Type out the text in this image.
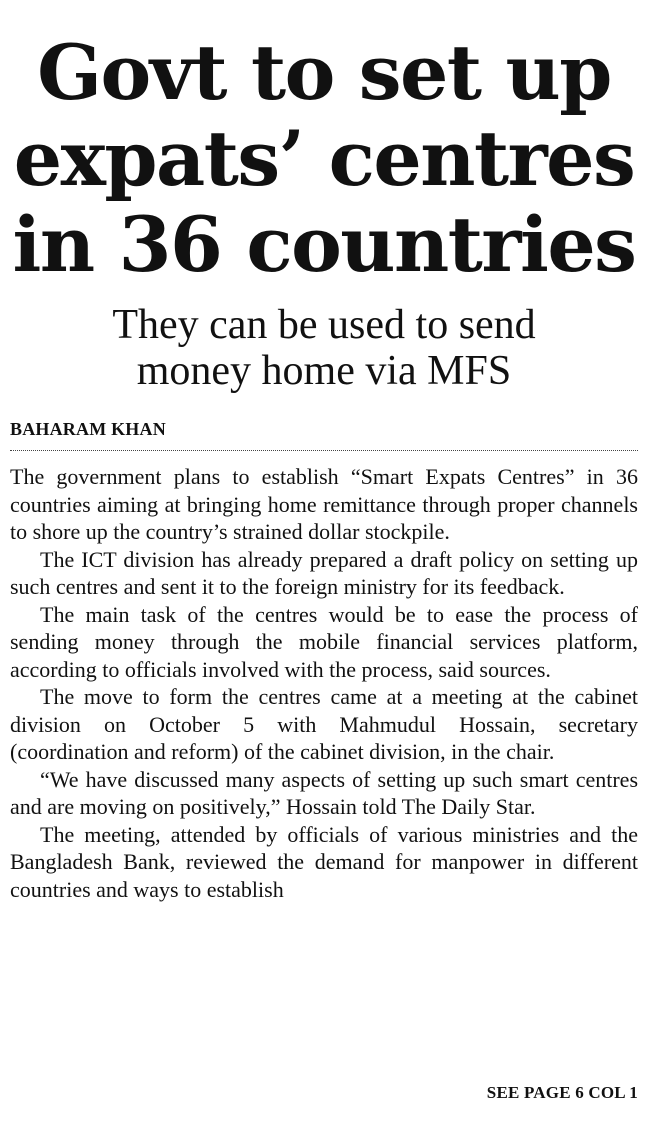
Govt to set up
expats’ centres
in 36 countries
They can be used to send
money home via MFS
BAHARAM KHAN

The government plans to establish “Smart Expats Centres” in 36 countries aiming at bringing home remittance through proper channels to shore up the country’s strained dollar stockpile.

The ICT division has already prepared a draft policy on setting up such centres and sent it to the foreign ministry for its feedback.

The main task of the centres would be to ease the process of sending money through the mobile financial services platform, according to officials involved with the process, said sources.

The move to form the centres came at a meeting at the cabinet division on October 5 with Mahmudul Hossain, secretary (coordination and reform) of the cabinet division, in the chair.

“We have discussed many aspects of setting up such smart centres and are moving on positively,” Hossain told The Daily Star.

The meeting, attended by officials of various ministries and the Bangladesh Bank, reviewed the demand for manpower in different countries and ways to establish

SEE PAGE 6 COL 1
